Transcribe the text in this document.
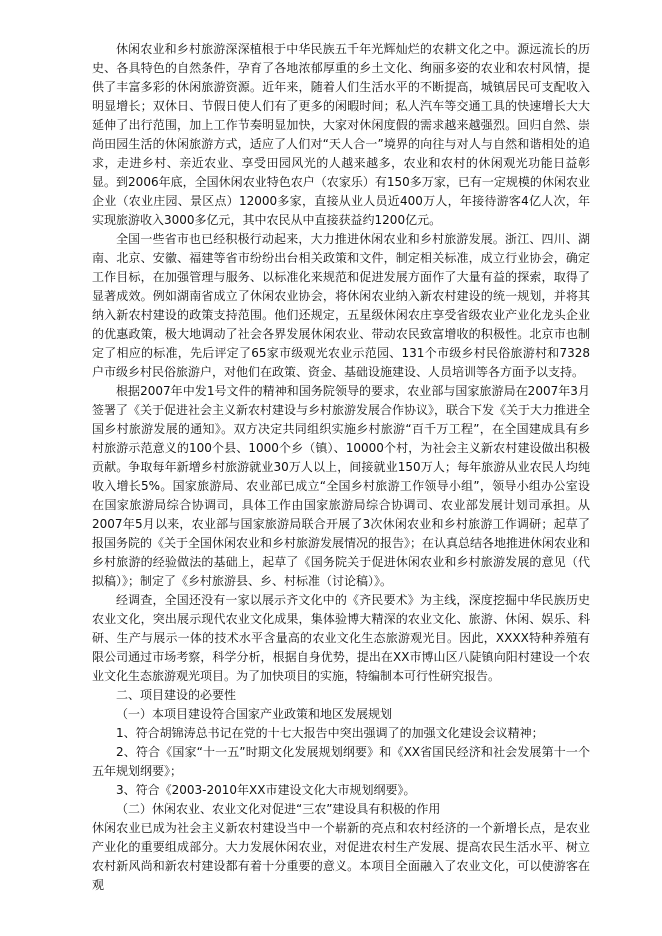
休闲农业和乡村旅游深深植根于中华民族五千年光辉灿烂的农耕文化之中。源远流长的历史、各具特色的自然条件，孕育了各地浓郁厚重的乡土文化、绚丽多姿的农业和农村风情，提供了丰富多彩的休闲旅游资源。近年来，随着人们生活水平的不断提高，城镇居民可支配收入明显增长；双休日、节假日使人们有了更多的闲暇时间；私人汽车等交通工具的快速增长大大延伸了出行范围，加上工作节奏明显加快，大家对休闲度假的需求越来越强烈。回归自然、崇尚田园生活的休闲旅游方式，适应了人们对“天人合一”境界的向往与对人与自然和谐相处的追求，走进乡村、亲近农业、享受田园风光的人越来越多，农业和农村的休闲观光功能日益彰显。到2006年底，全国休闲农业特色农户（农家乐）有150多万家，已有一定规模的休闲农业企业（农业庄园、景区点）12000多家，直接从业人员近400万人，年接待游客4亿人次，年实现旅游收入3000多亿元，其中农民从中直接获益约1200亿元。

全国一些省市也已经积极行动起来，大力推进休闲农业和乡村旅游发展。浙江、四川、湖南、北京、安徽、福建等省市纷纷出台相关政策和文件，制定相关标准，成立行业协会，确定工作目标，在加强管理与服务、以标准化来规范和促进发展方面作了大量有益的探索，取得了显著成效。例如湖南省成立了休闲农业协会，将休闲农业纳入新农村建设的统一规划，并将其纳入新农村建设的政策支持范围。他们还规定，五星级休闲农庄享受省级农业产业化龙头企业的优惠政策，极大地调动了社会各界发展休闲农业、带动农民致富增收的积极性。北京市也制定了相应的标准，先后评定了65家市级观光农业示范园、131个市级乡村民俗旅游村和7328户市级乡村民俗旅游户，对他们在政策、资金、基础设施建设、人员培训等各方面予以支持。

根据2007年中发1号文件的精神和国务院领导的要求，农业部与国家旅游局在2007年3月签署了《关于促进社会主义新农村建设与乡村旅游发展合作协议》，联合下发《关于大力推进全国乡村旅游发展的通知》。双方决定共同组织实施乡村旅游“百千万工程”，在全国建成具有乡村旅游示范意义的100个县、1000个乡（镇）、10000个村，为社会主义新农村建设做出积极贡献。争取每年新增乡村旅游就业30万人以上，间接就业150万人；每年旅游从业农民人均纯收入增长5%。国家旅游局、农业部已成立“全国乡村旅游工作领导小组”，领导小组办公室设在国家旅游局综合协调司，具体工作由国家旅游局综合协调司、农业部发展计划司承担。从2007年5月以来，农业部与国家旅游局联合开展了3次休闲农业和乡村旅游工作调研；起草了报国务院的《关于全国休闲农业和乡村旅游发展情况的报告》；在认真总结各地推进休闲农业和乡村旅游的经验做法的基础上，起草了《国务院关于促进休闲农业和乡村旅游发展的意见（代拟稿）》；制定了《乡村旅游县、乡、村标准（讨论稿）》。

经调查，全国还没有一家以展示齐文化中的《齐民要术》为主线，深度挖掘中华民族历史农业文化，突出展示现代农业文化成果，集体验博大精深的农业文化、旅游、休闲、娱乐、科研、生产与展示一体的技术水平含量高的农业文化生态旅游观光目。因此，XXXX特种养殖有限公司通过市场考察，科学分析，根据自身优势，提出在XX市博山区八陡镇向阳村建设一个农业文化生态旅游观光项目。为了加快项目的实施，特编制本可行性研究报告。

二、项目建设的必要性

（一）本项目建设符合国家产业政策和地区发展规划

1、符合胡锦涛总书记在党的十七大报告中突出强调了的加强文化建设会议精神；

2、符合《国家“十一五”时期文化发展规划纲要》和《XX省国民经济和社会发展第十一个五年规划纲要》；

3、符合《2003-2010年XX市建设文化大市规划纲要》。

（二）休闲农业、农业文化对促进“三农”建设具有积极的作用

休闲农业已成为社会主义新农村建设当中一个崭新的亮点和农村经济的一个新增长点，是农业产业化的重要组成部分。大力发展休闲农业，对促进农村生产发展、提高农民生活水平、树立农村新风尚和新农村建设都有着十分重要的意义。本项目全面融入了农业文化，可以使游客在观
